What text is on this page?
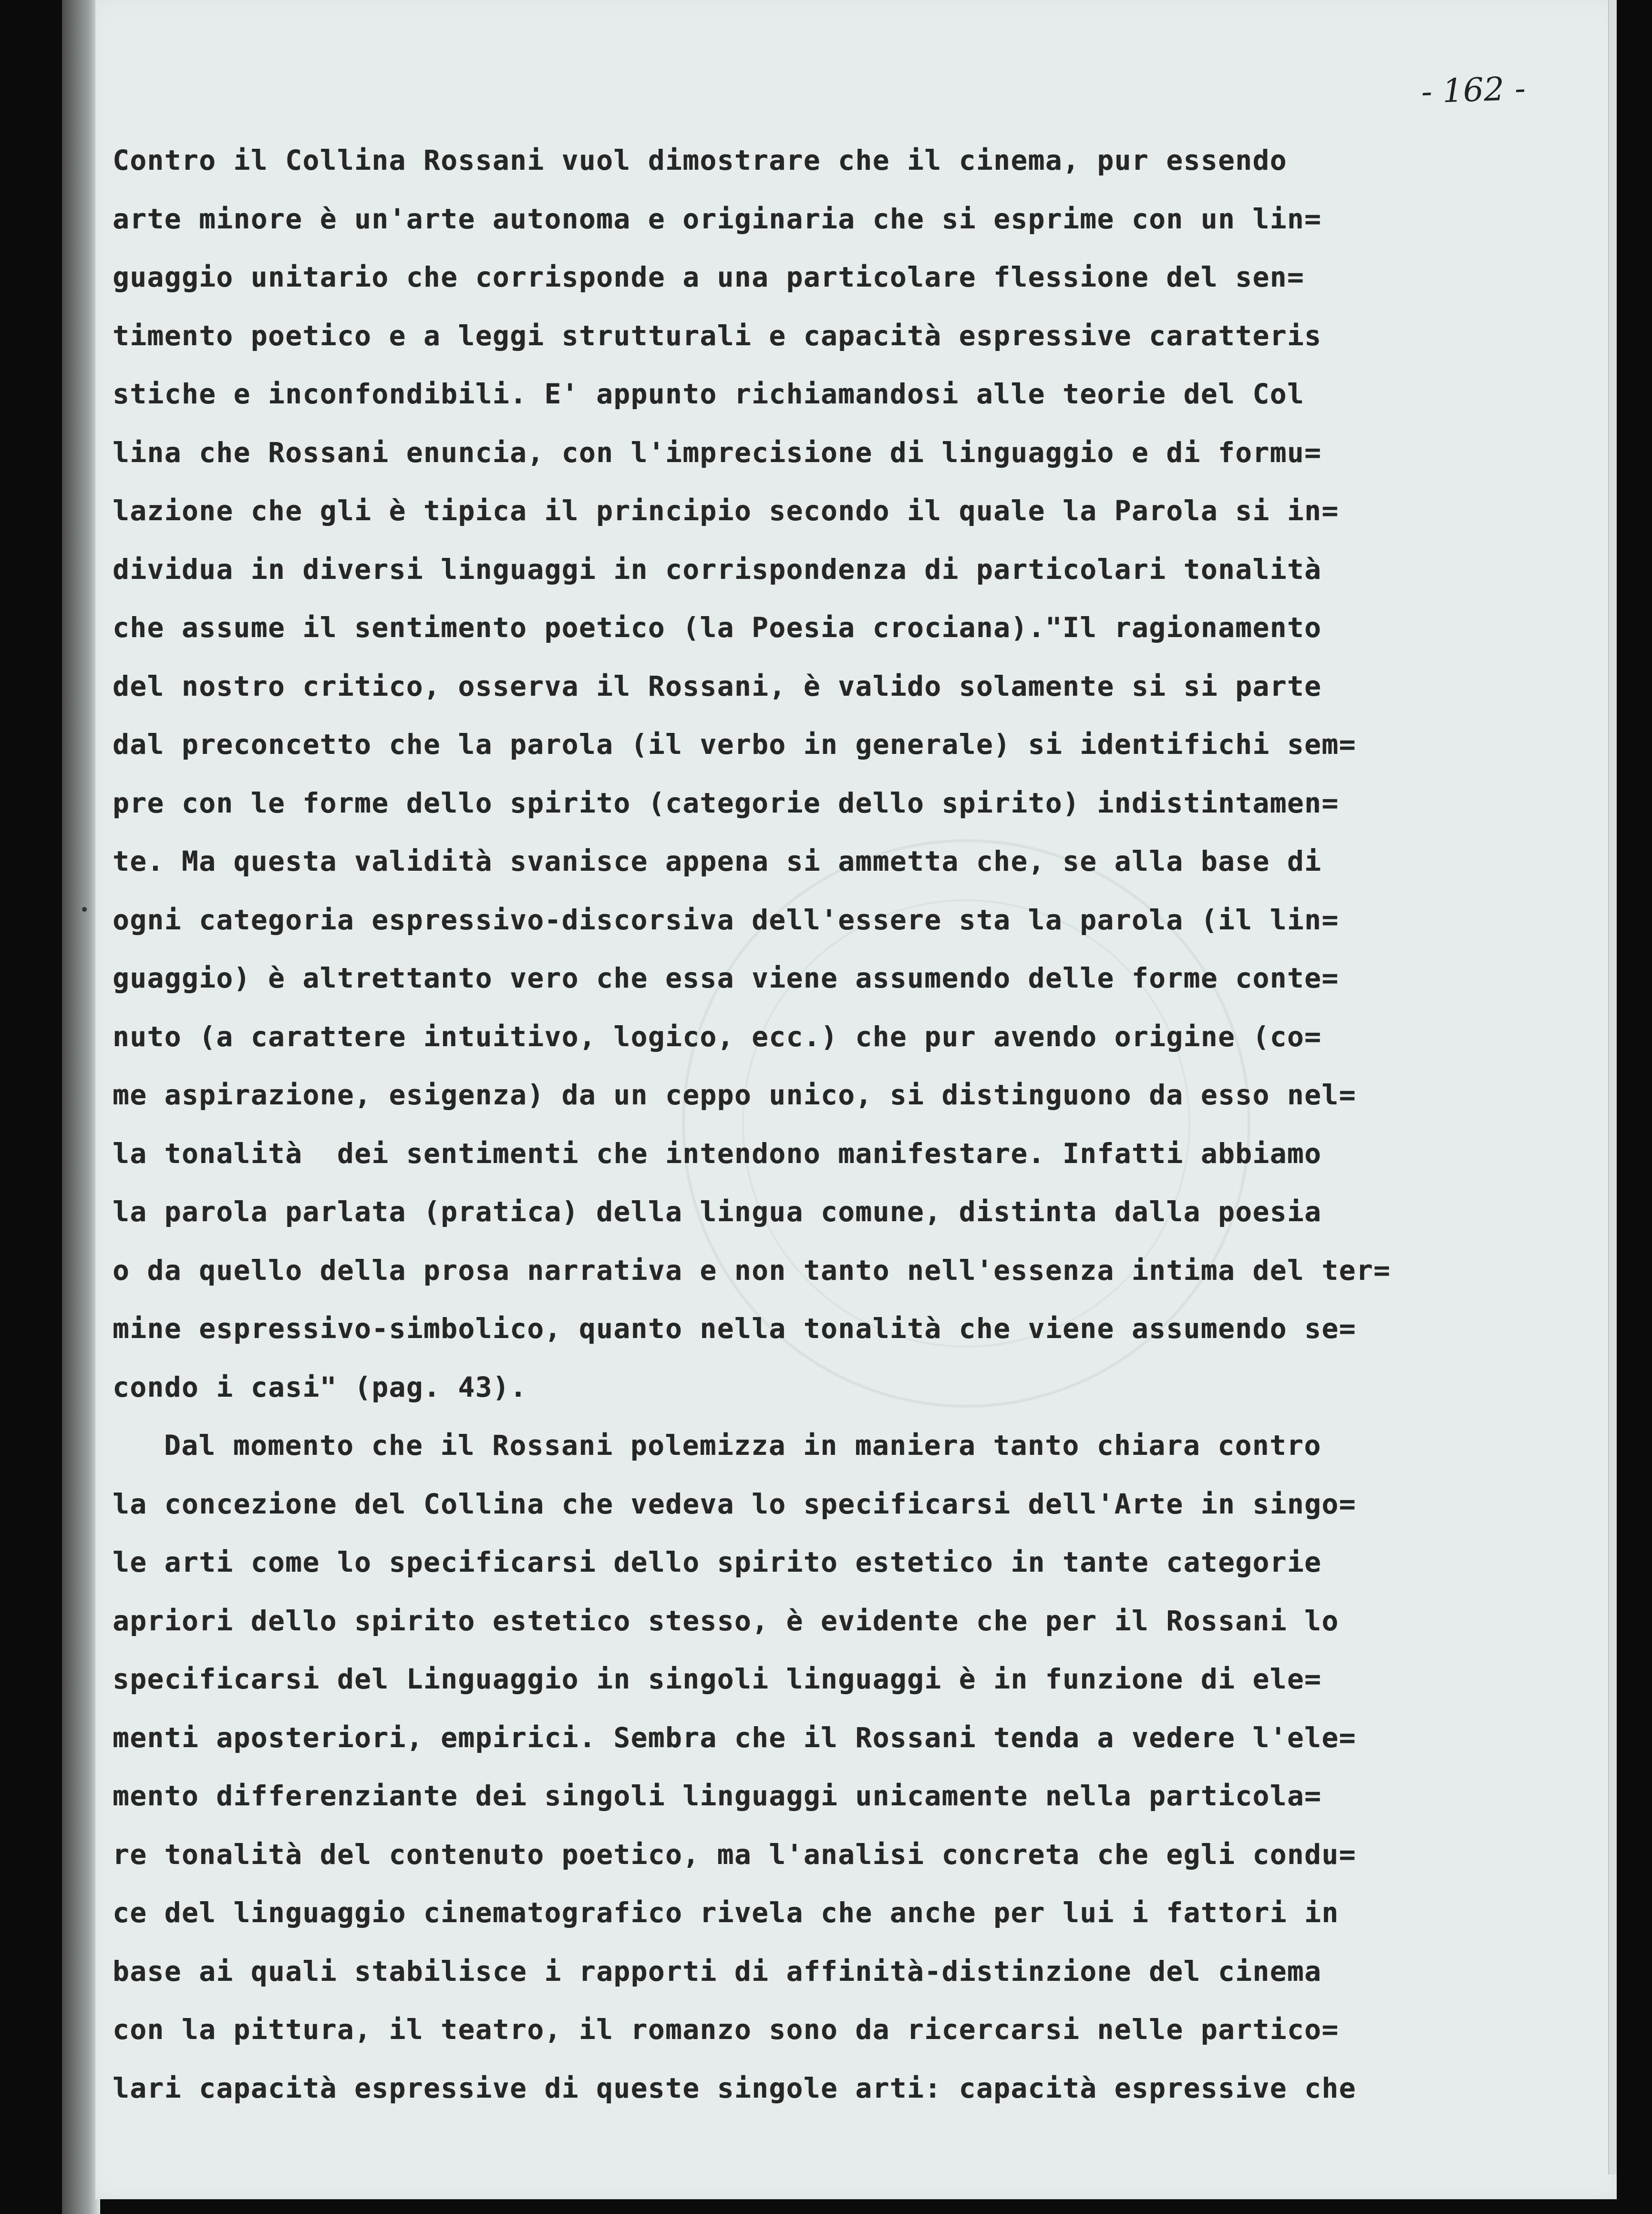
- 162 -
Contro il Collina Rossani vuol dimostrare che il cinema, pur essendo
arte minore è un'arte autonoma e originaria che si esprime con un lin=
guaggio unitario che corrisponde a una particolare flessione del sen=
timento poetico e a leggi strutturali e capacità espressive caratteris
stiche e inconfondibili. E' appunto richiamandosi alle teorie del Col
lina che Rossani enuncia, con l'imprecisione di linguaggio e di formu=
lazione che gli è tipica il principio secondo il quale la Parola si in=
dividua in diversi linguaggi in corrispondenza di particolari tonalità
che assume il sentimento poetico (la Poesia crociana)."Il ragionamento
del nostro critico, osserva il Rossani, è valido solamente si si parte
dal preconcetto che la parola (il verbo in generale) si identifichi sem=
pre con le forme dello spirito (categorie dello spirito) indistintamen=
te. Ma questa validità svanisce appena si ammetta che, se alla base di
ogni categoria espressivo-discorsiva dell'essere sta la parola (il lin=
guaggio) è altrettanto vero che essa viene assumendo delle forme conte=
nuto (a carattere intuitivo, logico, ecc.) che pur avendo origine (co=
me aspirazione, esigenza) da un ceppo unico, si distinguono da esso nel=
la tonalità  dei sentimenti che intendono manifestare. Infatti abbiamo
la parola parlata (pratica) della lingua comune, distinta dalla poesia
o da quello della prosa narrativa e non tanto nell'essenza intima del ter=
mine espressivo-simbolico, quanto nella tonalità che viene assumendo se=
condo i casi" (pag. 43).
Dal momento che il Rossani polemizza in maniera tanto chiara contro
la concezione del Collina che vedeva lo specificarsi dell'Arte in singo=
le arti come lo specificarsi dello spirito estetico in tante categorie
apriori dello spirito estetico stesso, è evidente che per il Rossani lo
specificarsi del Linguaggio in singoli linguaggi è in funzione di ele=
menti aposteriori, empirici. Sembra che il Rossani tenda a vedere l'ele=
mento differenziante dei singoli linguaggi unicamente nella particola=
re tonalità del contenuto poetico, ma l'analisi concreta che egli condu=
ce del linguaggio cinematografico rivela che anche per lui i fattori in
base ai quali stabilisce i rapporti di affinità-distinzione del cinema
con la pittura, il teatro, il romanzo sono da ricercarsi nelle partico=
lari capacità espressive di queste singole arti: capacità espressive che
